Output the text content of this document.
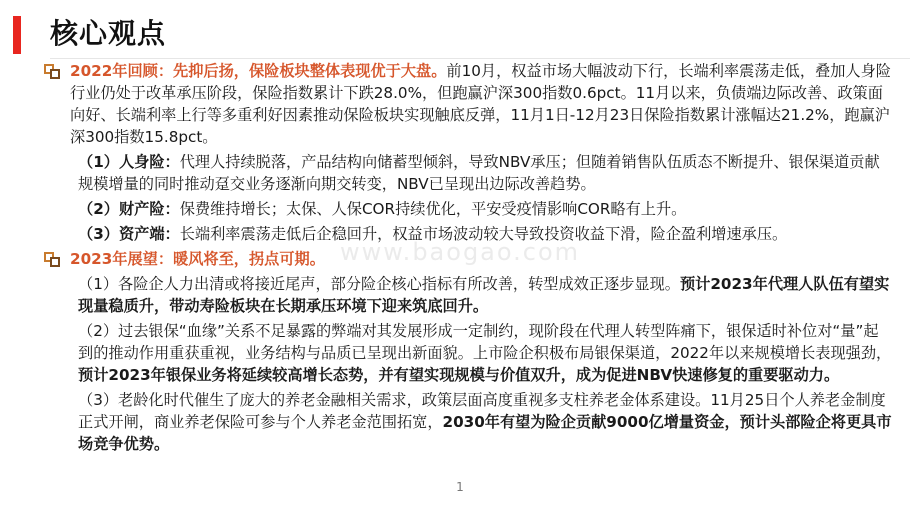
核心观点
www.baogao.com

2022年回顾：先抑后扬，保险板块整体表现优于大盘。前10月，权益市场大幅波动下行，长端利率震荡走低，叠加人身险行业仍处于改革承压阶段，保险指数累计下跌28.0%，但跑赢沪深300指数0.6pct。11月以来，负债端边际改善、政策面向好、长端利率上行等多重利好因素推动保险板块实现触底反弹，11月1日-12月23日保险指数累计涨幅达21.2%，跑赢沪深300指数15.8pct。

（1）人身险：代理人持续脱落，产品结构向储蓄型倾斜，导致NBV承压；但随着销售队伍质态不断提升、银保渠道贡献规模增量的同时推动趸交业务逐渐向期交转变，NBV已呈现出边际改善趋势。

（2）财产险：保费维持增长；太保、人保COR持续优化，平安受疫情影响COR略有上升。

（3）资产端：长端利率震荡走低后企稳回升，权益市场波动较大导致投资收益下滑，险企盈利增速承压。

2023年展望：暖风将至，拐点可期。

（1）各险企人力出清或将接近尾声，部分险企核心指标有所改善，转型成效正逐步显现。预计2023年代理人队伍有望实现量稳质升，带动寿险板块在长期承压环境下迎来筑底回升。

（2）过去银保“血缘”关系不足暴露的弊端对其发展形成一定制约，现阶段在代理人转型阵痛下，银保适时补位对“量”起到的推动作用重获重视，业务结构与品质已呈现出新面貌。上市险企积极布局银保渠道，2022年以来规模增长表现强劲，预计2023年银保业务将延续较高增长态势，并有望实现规模与价值双升，成为促进NBV快速修复的重要驱动力。

（3）老龄化时代催生了庞大的养老金融相关需求，政策层面高度重视多支柱养老金体系建设。11月25日个人养老金制度正式开闸，商业养老保险可参与个人养老金范围拓宽，2030年有望为险企贡献9000亿增量资金，预计头部险企将更具市场竞争优势。

1
